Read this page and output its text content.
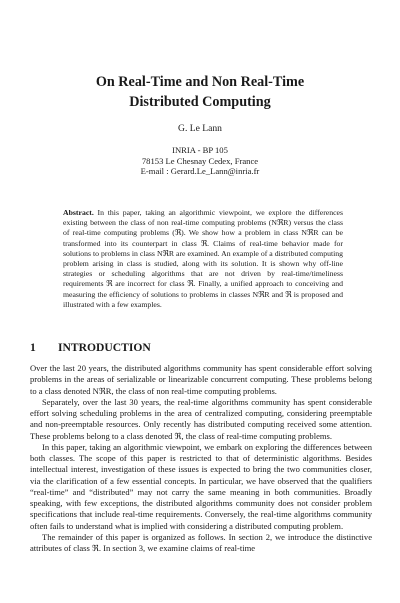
On Real-Time and Non Real-Time
Distributed Computing
G. Le Lann
INRIA - BP 105
78153 Le Chesnay Cedex, France
E-mail : Gerard.Le_Lann@inria.fr
Abstract. In this paper, taking an algorithmic viewpoint, we explore the differences existing between the class of non real-time computing problems (NℜR) versus the class of real-time computing problems (ℜ). We show how a problem in class NℜR can be transformed into its counterpart in class ℜ. Claims of real-time behavior made for solutions to problems in class NℜR are examined. An example of a distributed computing problem arising in class is studied, along with its solution. It is shown why off-line strategies or scheduling algorithms that are not driven by real-time/timeliness requirements ℜ are incorrect for class ℜ. Finally, a unified approach to conceiving and measuring the efficiency of solutions to problems in classes NℜR and ℜ is proposed and illustrated with a few examples.
1 INTRODUCTION

Over the last 20 years, the distributed algorithms community has spent considerable effort solving problems in the areas of serializable or linearizable concurrent computing. These problems belong to a class denoted NℜR, the class of non real-time computing problems.

Separately, over the last 30 years, the real-time algorithms community has spent considerable effort solving scheduling problems in the area of centralized computing, considering preemptable and non-preemptable resources. Only recently has distributed computing received some attention. These problems belong to a class denoted ℜ, the class of real-time computing problems.

In this paper, taking an algorithmic viewpoint, we embark on exploring the differences between both classes. The scope of this paper is restricted to that of deterministic algorithms. Besides intellectual interest, investigation of these issues is expected to bring the two communities closer, via the clarification of a few essential concepts. In particular, we have observed that the qualifiers “real-time” and “distributed” may not carry the same meaning in both communities. Broadly speaking, with few exceptions, the distributed algorithms community does not consider problem specifications that include real-time requirements. Conversely, the real-time algorithms community often fails to understand what is implied with considering a distributed computing problem.

The remainder of this paper is organized as follows. In section 2, we introduce the distinctive attributes of class ℜ. In section 3, we examine claims of real-time
